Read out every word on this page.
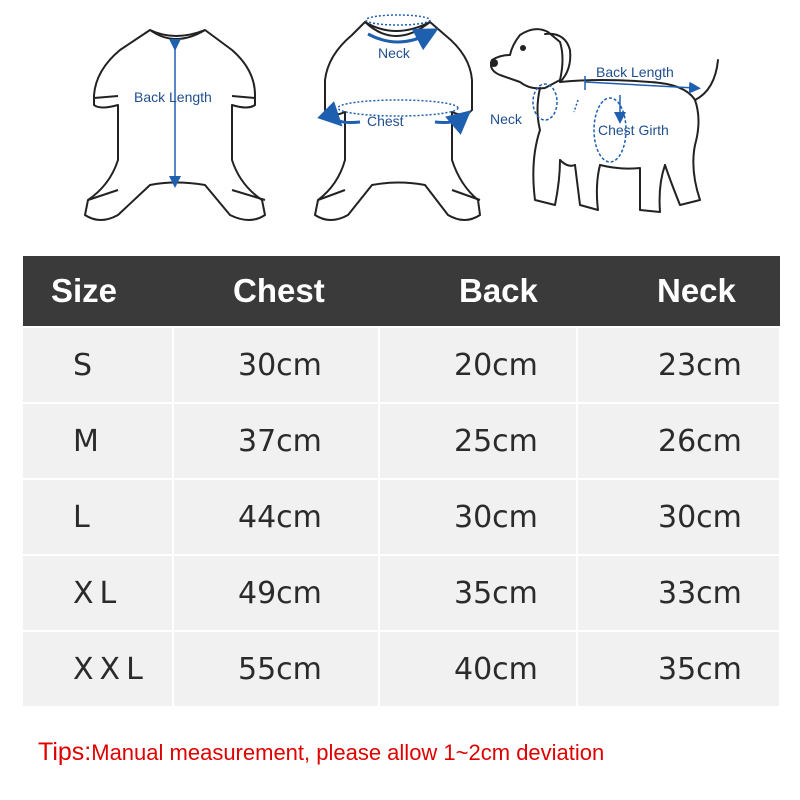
Back Length
Neck
Chest
Back Length
Neck
Chest Girth
Size	Chest	Back	Neck
S	30cm	20cm	23cm
M	37cm	25cm	26cm
L	44cm	30cm	30cm
XL	49cm	35cm	33cm
XXL	55cm	40cm	35cm
Tips:Manual measurement, please allow 1~2cm deviation
